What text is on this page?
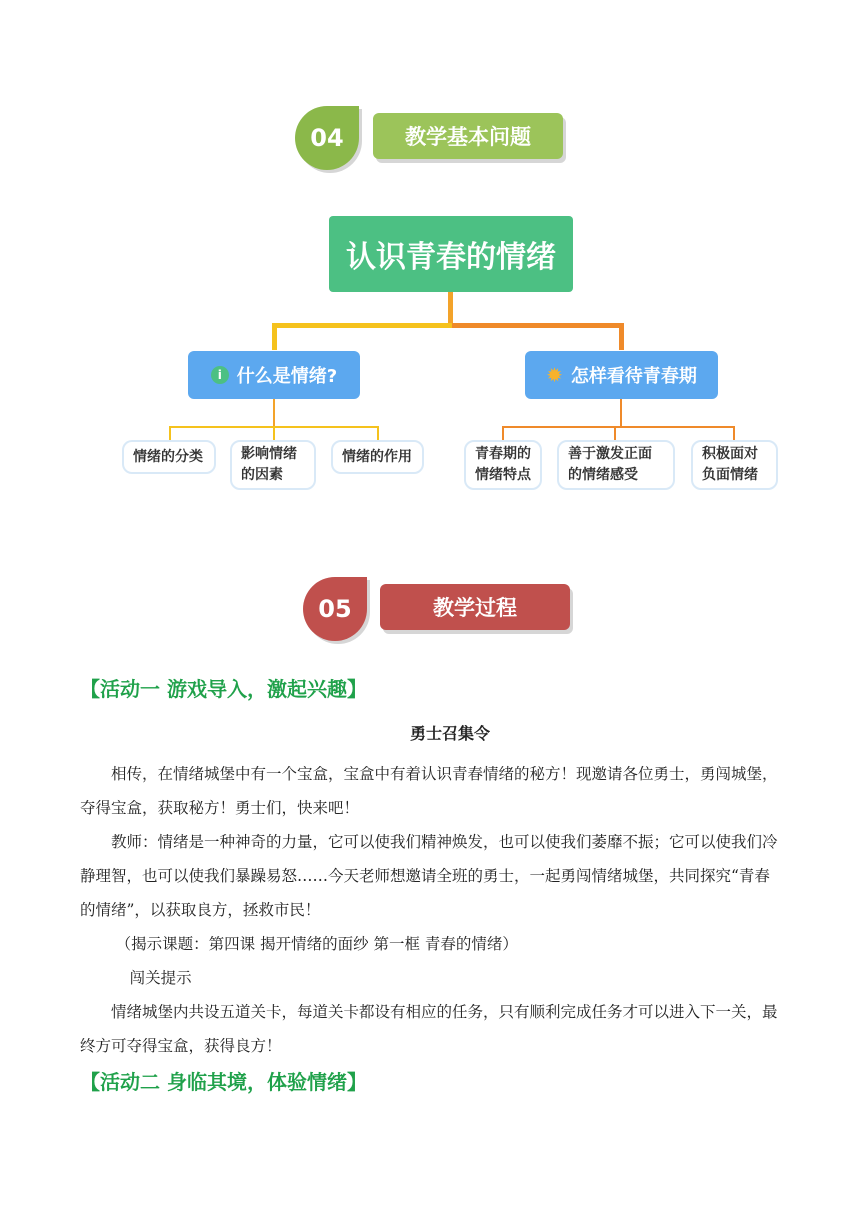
04	教学基本问题
认识青春的情绪
i 什么是情绪?	✹ 怎样看待青春期
情绪的分类	影响情绪的因素
情绪的作用	青春期的情绪特点
善于激发正面的情绪感受
积极面对负面情绪
05	教学过程
【活动一 游戏导入，激起兴趣】
勇士召集令

相传，在情绪城堡中有一个宝盒，宝盒中有着认识青春情绪的秘方！现邀请各位勇士，勇闯城堡，夺得宝盒，获取秘方！勇士们，快来吧！

教师：情绪是一种神奇的力量，它可以使我们精神焕发，也可以使我们萎靡不振；它可以使我们冷静理智，也可以使我们暴躁易怒……今天老师想邀请全班的勇士，一起勇闯情绪城堡，共同探究“青春的情绪”，以获取良方，拯救市民！

（揭示课题：第四课 揭开情绪的面纱 第一框 青春的情绪）

闯关提示

情绪城堡内共设五道关卡，每道关卡都设有相应的任务，只有顺利完成任务才可以进入下一关，最终方可夺得宝盒，获得良方！

【活动二 身临其境，体验情绪】
